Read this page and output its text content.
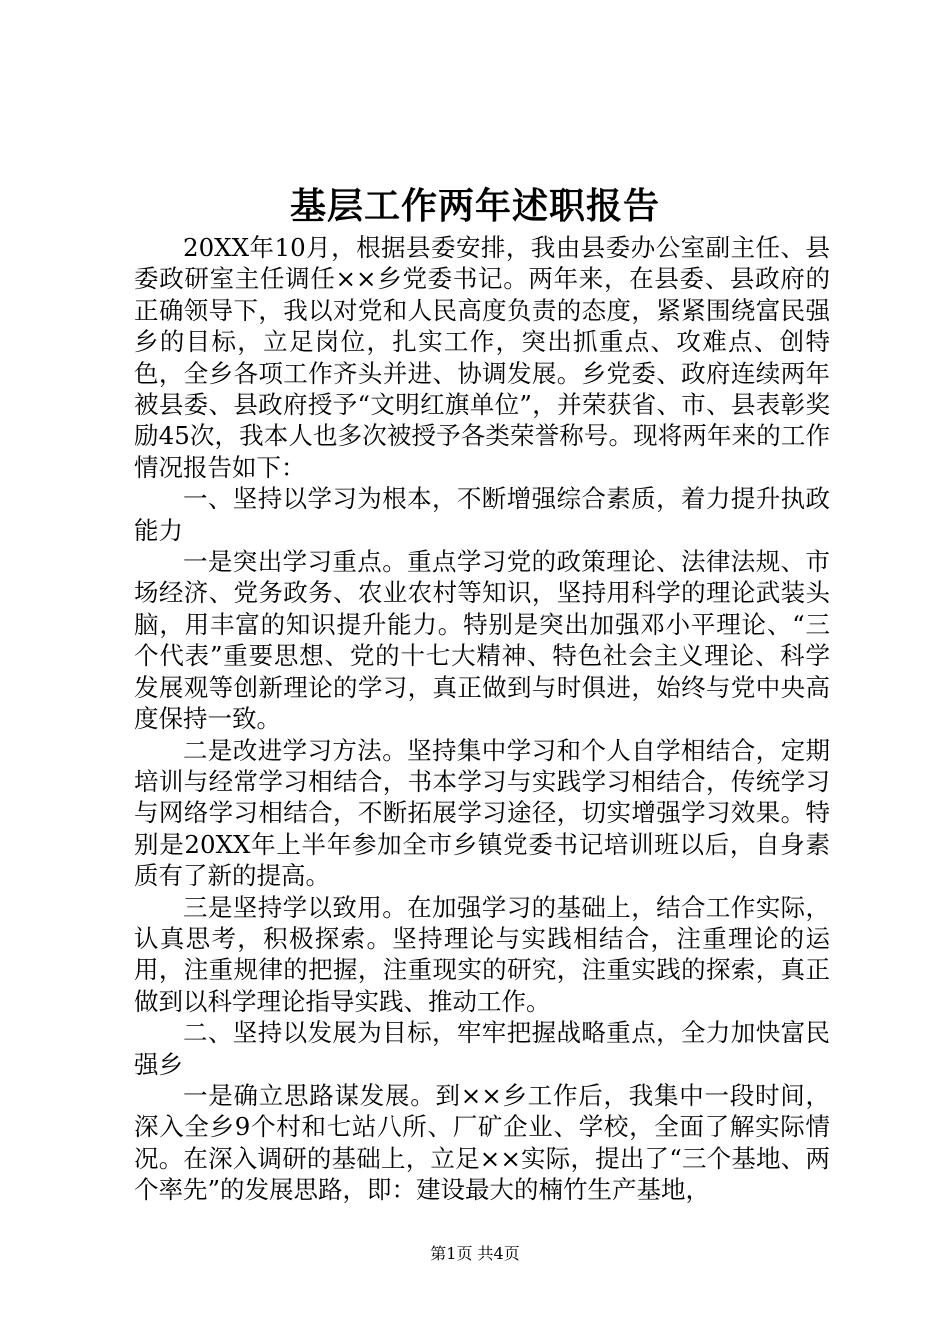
基层工作两年述职报告

20XX年10月，根据县委安排，我由县委办公室副主任、县委政研室主任调任××乡党委书记。两年来，在县委、县政府的正确领导下，我以对党和人民高度负责的态度，紧紧围绕富民强乡的目标，立足岗位，扎实工作，突出抓重点、攻难点、创特色，全乡各项工作齐头并进、协调发展。乡党委、政府连续两年被县委、县政府授予“文明红旗单位”，并荣获省、市、县表彰奖励45次，我本人也多次被授予各类荣誉称号。现将两年来的工作情况报告如下：

一、坚持以学习为根本，不断增强综合素质，着力提升执政能力

一是突出学习重点。重点学习党的政策理论、法律法规、市场经济、党务政务、农业农村等知识，坚持用科学的理论武装头脑，用丰富的知识提升能力。特别是突出加强邓小平理论、“三个代表”重要思想、党的十七大精神、特色社会主义理论、科学发展观等创新理论的学习，真正做到与时俱进，始终与党中央高度保持一致。

二是改进学习方法。坚持集中学习和个人自学相结合，定期培训与经常学习相结合，书本学习与实践学习相结合，传统学习与网络学习相结合，不断拓展学习途径，切实增强学习效果。特别是20XX年上半年参加全市乡镇党委书记培训班以后，自身素质有了新的提高。

三是坚持学以致用。在加强学习的基础上，结合工作实际，认真思考，积极探索。坚持理论与实践相结合，注重理论的运用，注重规律的把握，注重现实的研究，注重实践的探索，真正做到以科学理论指导实践、推动工作。

二、坚持以发展为目标，牢牢把握战略重点，全力加快富民强乡

一是确立思路谋发展。到××乡工作后，我集中一段时间，深入全乡9个村和七站八所、厂矿企业、学校，全面了解实际情况。在深入调研的基础上，立足××实际，提出了“三个基地、两个率先”的发展思路，即：建设最大的楠竹生产基地，

第1页 共4页
